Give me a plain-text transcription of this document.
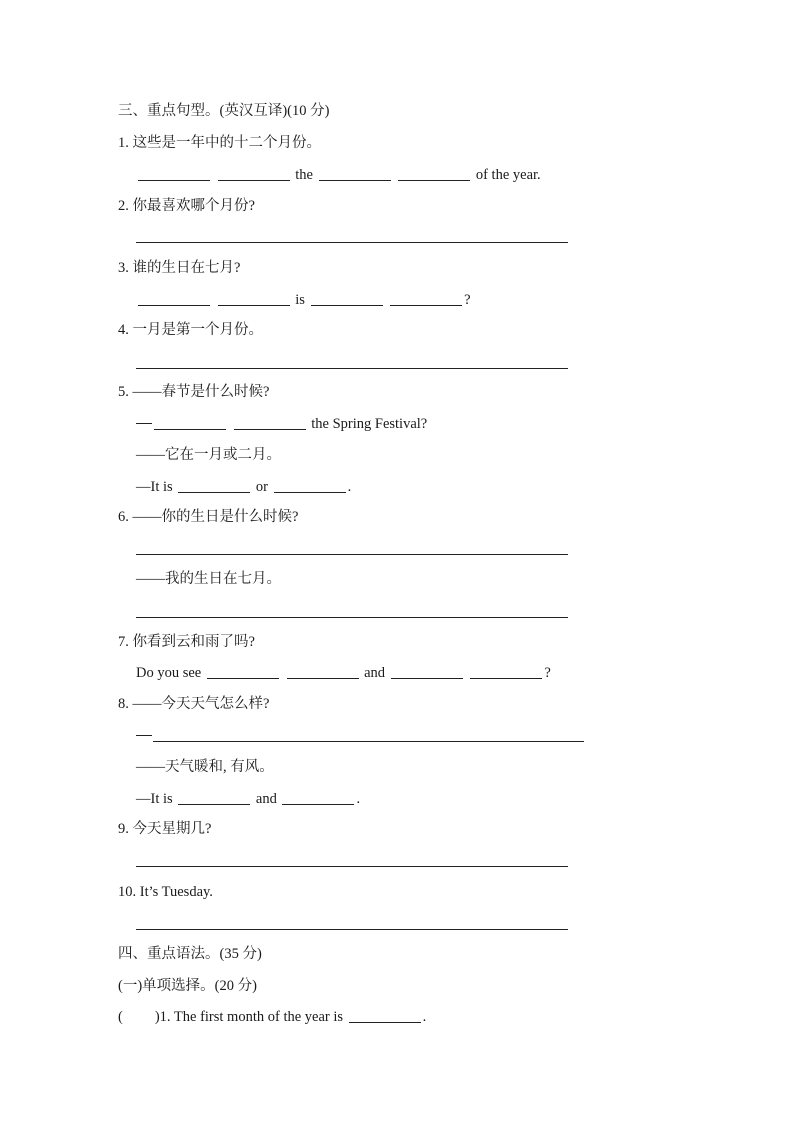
三、重点句型。(英汉互译)(10 分)
1. 这些是一年中的十二个月份。
the	of the year.
2. 你最喜欢哪个月份?
3. 谁的生日在七月?
is	?
4. 一月是第一个月份。
5. ——春节是什么时候?
the Spring Festival?
——它在一月或二月。
—It is	or	.
6. ——你的生日是什么时候?
——我的生日在七月。
7. 你看到云和雨了吗?
Do you see	and	?
8. ——今天天气怎么样?
——天气暖和, 有风。
—It is	and	.
9. 今天星期几?
10. It’s Tuesday.
四、重点语法。(35 分)
(一)单项选择。(20 分)
( )1. The first month of the year is	.
